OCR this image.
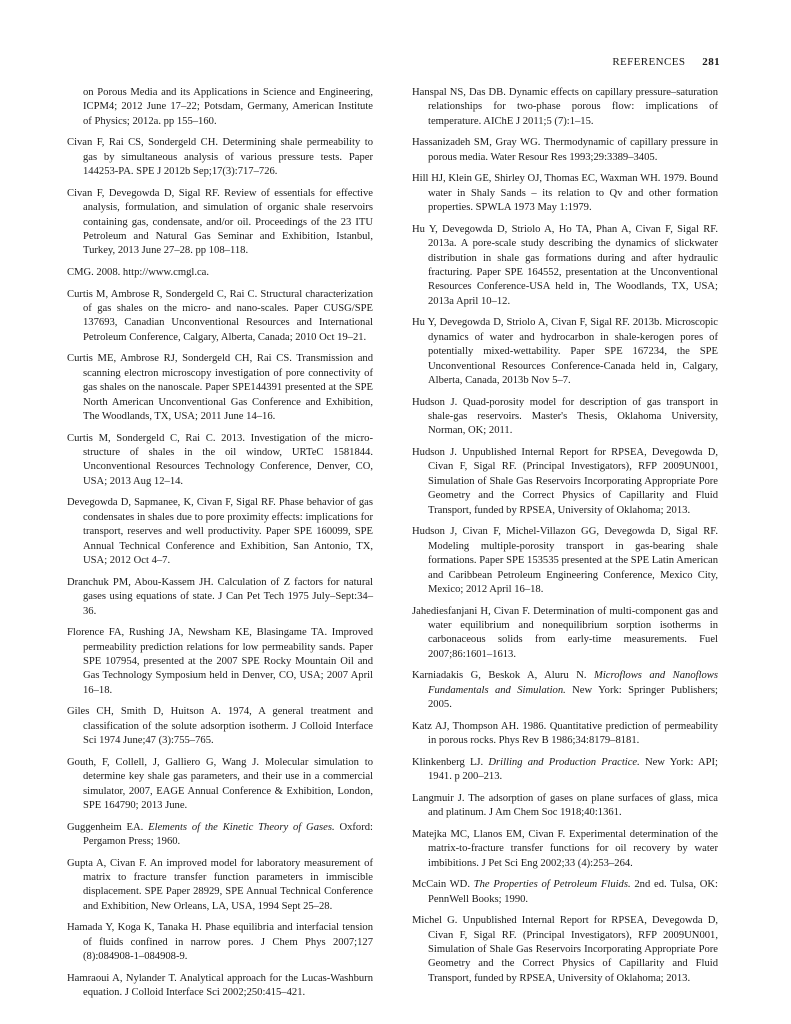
REFERENCES 281

on Porous Media and its Applications in Science and Engineering, ICPM4; 2012 June 17–22; Potsdam, Germany, American Institute of Physics; 2012a. pp 155–160.

Civan F, Rai CS, Sondergeld CH. Determining shale permeability to gas by simultaneous analysis of various pressure tests. Paper 144253-PA. SPE J 2012b Sep;17(3):717–726.

Civan F, Devegowda D, Sigal RF. Review of essentials for effective analysis, formulation, and simulation of organic shale reservoirs containing gas, condensate, and/or oil. Proceedings of the 23 ITU Petroleum and Natural Gas Seminar and Exhibition, Istanbul, Turkey, 2013 June 27–28. pp 108–118.

CMG. 2008. http://www.cmgl.ca.

Curtis M, Ambrose R, Sondergeld C, Rai C. Structural characterization of gas shales on the micro- and nano-scales. Paper CUSG/SPE 137693, Canadian Unconventional Resources and International Petroleum Conference, Calgary, Alberta, Canada; 2010 Oct 19–21.

Curtis ME, Ambrose RJ, Sondergeld CH, Rai CS. Transmission and scanning electron microscopy investigation of pore connectivity of gas shales on the nanoscale. Paper SPE144391 presented at the SPE North American Unconventional Gas Conference and Exhibition, The Woodlands, TX, USA; 2011 June 14–16.

Curtis M, Sondergeld C, Rai C. 2013. Investigation of the micro-structure of shales in the oil window, URTeC 1581844. Unconventional Resources Technology Conference, Denver, CO, USA; 2013 Aug 12–14.

Devegowda D, Sapmanee, K, Civan F, Sigal RF. Phase behavior of gas condensates in shales due to pore proximity effects: implications for transport, reserves and well productivity. Paper SPE 160099, SPE Annual Technical Conference and Exhibition, San Antonio, TX, USA; 2012 Oct 4–7.

Dranchuk PM, Abou-Kassem JH. Calculation of Z factors for natural gases using equations of state. J Can Pet Tech 1975 July–Sept:34–36.

Florence FA, Rushing JA, Newsham KE, Blasingame TA. Improved permeability prediction relations for low permeability sands. Paper SPE 107954, presented at the 2007 SPE Rocky Mountain Oil and Gas Technology Symposium held in Denver, CO, USA; 2007 April 16–18.

Giles CH, Smith D, Huitson A. 1974, A general treatment and classification of the solute adsorption isotherm. J Colloid Interface Sci 1974 June;47 (3):755–765.

Gouth, F, Collell, J, Galliero G, Wang J. Molecular simulation to determine key shale gas parameters, and their use in a commercial simulator, 2007, EAGE Annual Conference & Exhibition, London, SPE 164790; 2013 June.

Guggenheim EA. Elements of the Kinetic Theory of Gases. Oxford: Pergamon Press; 1960.

Gupta A, Civan F. An improved model for laboratory measurement of matrix to fracture transfer function parameters in immiscible displacement. SPE Paper 28929, SPE Annual Technical Conference and Exhibition, New Orleans, LA, USA, 1994 Sept 25–28.

Hamada Y, Koga K, Tanaka H. Phase equilibria and interfacial tension of fluids confined in narrow pores. J Chem Phys 2007;127 (8):084908-1–084908-9.

Hamraoui A, Nylander T. Analytical approach for the Lucas-Washburn equation. J Colloid Interface Sci 2002;250:415–421.

Hanspal NS, Das DB. Dynamic effects on capillary pressure–saturation relationships for two-phase porous flow: implications of temperature. AIChE J 2011;5 (7):1–15.

Hassanizadeh SM, Gray WG. Thermodynamic of capillary pressure in porous media. Water Resour Res 1993;29:3389–3405.

Hill HJ, Klein GE, Shirley OJ, Thomas EC, Waxman WH. 1979. Bound water in Shaly Sands – its relation to Qv and other formation properties. SPWLA 1973 May 1:1979.

Hu Y, Devegowda D, Striolo A, Ho TA, Phan A, Civan F, Sigal RF. 2013a. A pore-scale study describing the dynamics of slickwater distribution in shale gas formations during and after hydraulic fracturing. Paper SPE 164552, presentation at the Unconventional Resources Conference-USA held in, The Woodlands, TX, USA; 2013a April 10–12.

Hu Y, Devegowda D, Striolo A, Civan F, Sigal RF. 2013b. Microscopic dynamics of water and hydrocarbon in shale-kerogen pores of potentially mixed-wettability. Paper SPE 167234, the SPE Unconventional Resources Conference-Canada held in, Calgary, Alberta, Canada, 2013b Nov 5–7.

Hudson J. Quad-porosity model for description of gas transport in shale-gas reservoirs. Master's Thesis, Oklahoma University, Norman, OK; 2011.

Hudson J. Unpublished Internal Report for RPSEA, Devegowda D, Civan F, Sigal RF. (Principal Investigators), RFP 2009UN001, Simulation of Shale Gas Reservoirs Incorporating Appropriate Pore Geometry and the Correct Physics of Capillarity and Fluid Transport, funded by RPSEA, University of Oklahoma; 2013.

Hudson J, Civan F, Michel-Villazon GG, Devegowda D, Sigal RF. Modeling multiple-porosity transport in gas-bearing shale formations. Paper SPE 153535 presented at the SPE Latin American and Caribbean Petroleum Engineering Conference, Mexico City, Mexico; 2012 April 16–18.

Jahediesfanjani H, Civan F. Determination of multi-component gas and water equilibrium and nonequilibrium sorption isotherms in carbonaceous solids from early-time measurements. Fuel 2007;86:1601–1613.

Karniadakis G, Beskok A, Aluru N. Microflows and Nanoflows Fundamentals and Simulation. New York: Springer Publishers; 2005.

Katz AJ, Thompson AH. 1986. Quantitative prediction of permeability in porous rocks. Phys Rev B 1986;34:8179–8181.

Klinkenberg LJ. Drilling and Production Practice. New York: API; 1941. p 200–213.

Langmuir J. The adsorption of gases on plane surfaces of glass, mica and platinum. J Am Chem Soc 1918;40:1361.

Matejka MC, Llanos EM, Civan F. Experimental determination of the matrix-to-fracture transfer functions for oil recovery by water imbibitions. J Pet Sci Eng 2002;33 (4):253–264.

McCain WD. The Properties of Petroleum Fluids. 2nd ed. Tulsa, OK: PennWell Books; 1990.

Michel G. Unpublished Internal Report for RPSEA, Devegowda D, Civan F, Sigal RF. (Principal Investigators), RFP 2009UN001, Simulation of Shale Gas Reservoirs Incorporating Appropriate Pore Geometry and the Correct Physics of Capillarity and Fluid Transport, funded by RPSEA, University of Oklahoma; 2013.
